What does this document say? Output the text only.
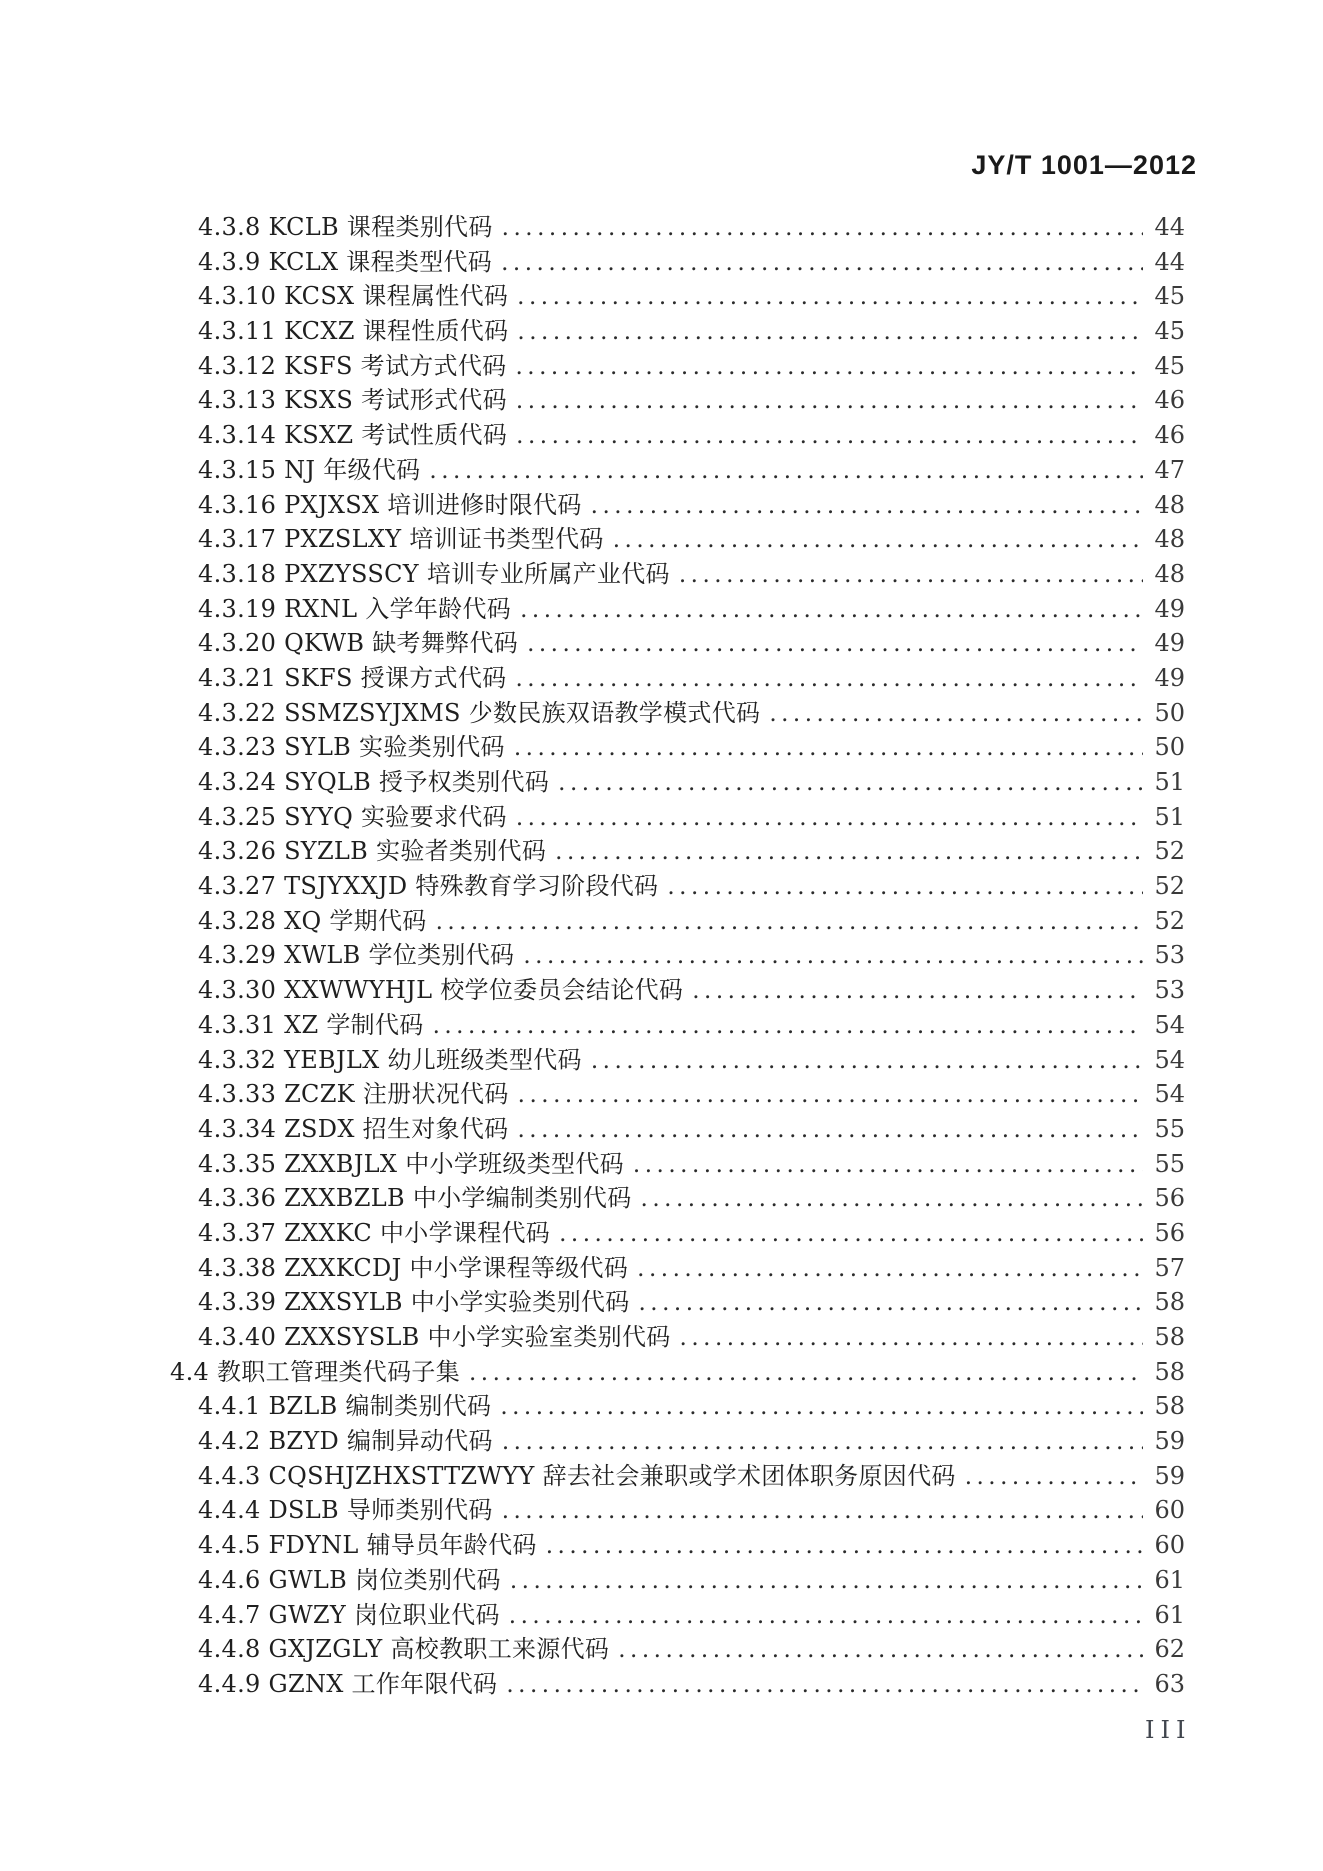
JY/T 1001—2012
4.3.8 KCLB 课程类别代码 .....	44
4.3.9 KCLX 课程类型代码 .....	44
4.3.10 KCSX 课程属性代码 .....	45
4.3.11 KCXZ 课程性质代码 .....	45
4.3.12 KSFS 考试方式代码 .....	45
4.3.13 KSXS 考试形式代码 .....	46
4.3.14 KSXZ 考试性质代码 .....	46
4.3.15 NJ 年级代码 .....	47
4.3.16 PXJXSX 培训进修时限代码 .....	48
4.3.17 PXZSLXY 培训证书类型代码 .....	48
4.3.18 PXZYSSCY 培训专业所属产业代码 .....	48
4.3.19 RXNL 入学年龄代码 .....	49
4.3.20 QKWB 缺考舞弊代码 .....	49
4.3.21 SKFS 授课方式代码 .....	49
4.3.22 SSMZSYJXMS 少数民族双语教学模式代码 .....	50
4.3.23 SYLB 实验类别代码 .....	50
4.3.24 SYQLB 授予权类别代码 .....	51
4.3.25 SYYQ 实验要求代码 .....	51
4.3.26 SYZLB 实验者类别代码 .....	52
4.3.27 TSJYXXJD 特殊教育学习阶段代码 .....	52
4.3.28 XQ 学期代码 .....	52
4.3.29 XWLB 学位类别代码 .....	53
4.3.30 XXWWYHJL 校学位委员会结论代码 .....	53
4.3.31 XZ 学制代码 .....	54
4.3.32 YEBJLX 幼儿班级类型代码 .....	54
4.3.33 ZCZK 注册状况代码 .....	54
4.3.34 ZSDX 招生对象代码 .....	55
4.3.35 ZXXBJLX 中小学班级类型代码 .....	55
4.3.36 ZXXBZLB 中小学编制类别代码 .....	56
4.3.37 ZXXKC 中小学课程代码 .....	56
4.3.38 ZXXKCDJ 中小学课程等级代码 .....	57
4.3.39 ZXXSYLB 中小学实验类别代码 .....	58
4.3.40 ZXXSYSLB 中小学实验室类别代码 .....	58
4.4 教职工管理类代码子集 .....	58
4.4.1 BZLB 编制类别代码 .....	58
4.4.2 BZYD 编制异动代码 .....	59
4.4.3 CQSHJZHXSTTZWYY 辞去社会兼职或学术团体职务原因代码 .....	59
4.4.4 DSLB 导师类别代码 .....	60
4.4.5 FDYNL 辅导员年龄代码 .....	60
4.4.6 GWLB 岗位类别代码 .....	61
4.4.7 GWZY 岗位职业代码 .....	61
4.4.8 GXJZGLY 高校教职工来源代码 .....	62
4.4.9 GZNX 工作年限代码 .....	63
III
